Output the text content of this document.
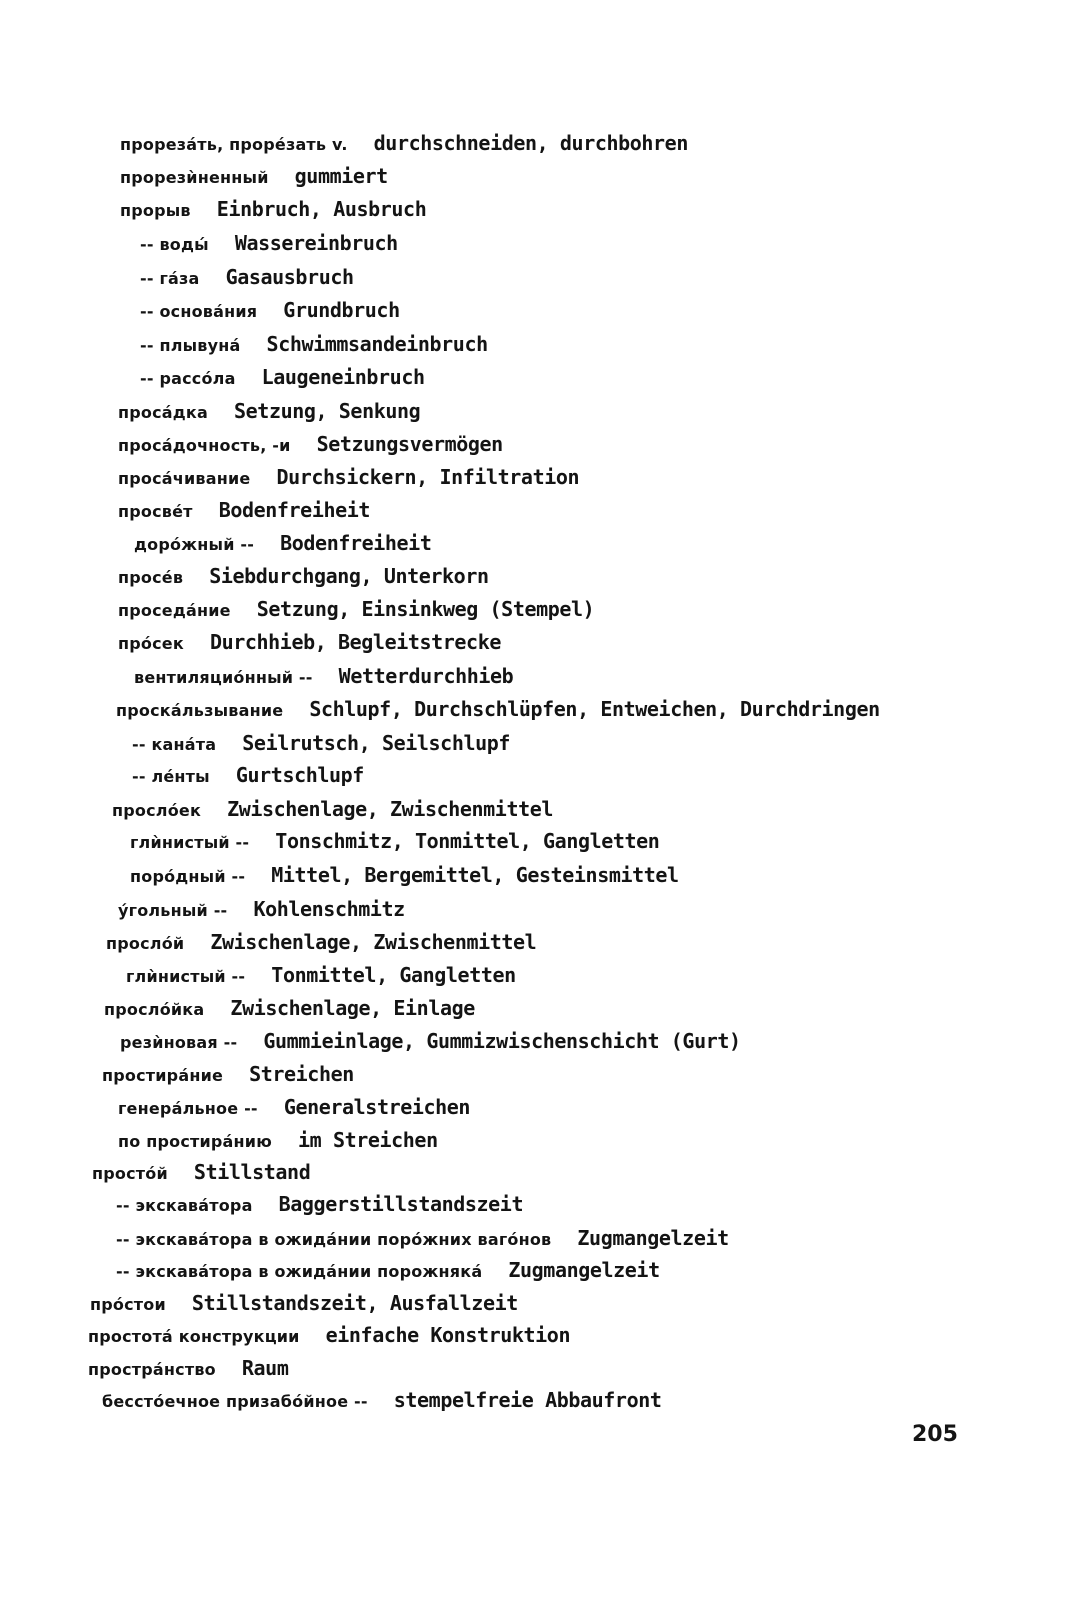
прорезáть, прорéзать v. durchschneiden, durchbohren
прорезѝненный gummiert
прорыв Einbruch, Ausbruch
-- воды́ Wassereinbruch
-- гáза Gasausbruch
-- основáния Grundbruch
-- плывунá Schwimmsandeinbruch
-- рассóла Laugeneinbruch
просáдка Setzung, Senkung
просáдочность, -и Setzungsvermögen
просáчивание Durchsickern, Infiltration
просвéт Bodenfreiheit
дорóжный -- Bodenfreiheit
просéв Siebdurchgang, Unterkorn
проседáние Setzung, Einsinkweg (Stempel)
прóсек Durchhieb, Begleitstrecke
вентиляциóнный -- Wetterdurchhieb
проскáльзывание Schlupf, Durchschlüpfen, Entweichen, Durchdringen
-- канáта Seilrutsch, Seilschlupf
-- лéнты Gurtschlupf
прослóек Zwischenlage, Zwischenmittel
глѝнистый -- Tonschmitz, Tonmittel, Gangletten
порóдный -- Mittel, Bergemittel, Gesteinsmittel
ýгольный -- Kohlenschmitz
прослóй Zwischenlage, Zwischenmittel
глѝнистый -- Tonmittel, Gangletten
прослóйка Zwischenlage, Einlage
резѝновая -- Gummieinlage, Gummizwischenschicht (Gurt)
простирáние Streichen
генерáльное -- Generalstreichen
по простирáнию im Streichen
простóй Stillstand
-- экскавáтора Baggerstillstandszeit
-- экскавáтора в ожидáнии порóжних вагóнов Zugmangelzeit
-- экскавáтора в ожидáнии порожнякá Zugmangelzeit
прóстои Stillstandszeit, Ausfallzeit
простотá конструкции einfache Konstruktion
прострáнство Raum
бесстóечное призабóйное -- stempelfreie Abbaufront
205
